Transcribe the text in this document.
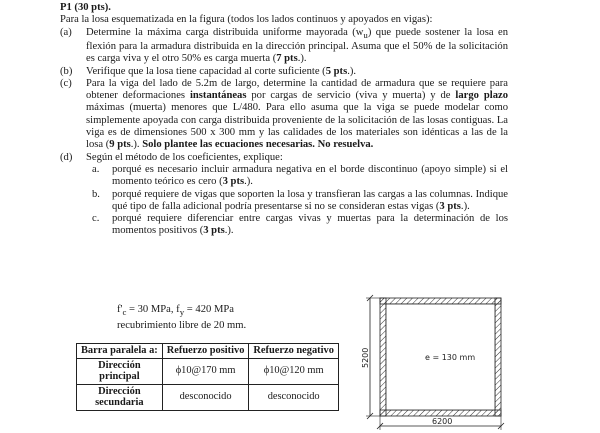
P1 (30 pts).

Para la losa esquematizada en la figura (todos los lados continuos y apoyados en vigas):

(a) Determine la máxima carga distribuida uniforme mayorada $(w_u)$ que puede sostener la losa en flexión para la armadura distribuida en la dirección principal. Asuma que el 50% de la solicitación es carga viva y el otro 50% es carga muerta (7 pts.).

(b) Verifique que la losa tiene capacidad al corte suficiente (5 pts.).

(c) Para la viga del lado de 5.2m de largo, determine la cantidad de armadura que se requiere para obtener deformaciones instantáneas por cargas de servicio (viva y muerta) y de largo plazo máximas (muerta) menores que L/480. Para ello asuma que la viga se puede modelar como simplemente apoyada con carga distribuida proveniente de la solicitación de las losas contiguas. La viga es de dimensiones 500 x 300 mm y las calidades de los materiales son idénticas a las de la losa (9 pts.). Solo plantee las ecuaciones necesarias. No resuelva.

(d) Según el método de los coeficientes, explique:

a. porqué es necesario incluir armadura negativa en el borde discontinuo (apoyo simple) si el momento teórico es cero (3 pts.).

b. porqué requiere de vigas que soporten la losa y transfieran las cargas a las columnas. Indique qué tipo de falla adicional podría presentarse si no se consideran estas vigas (3 pts.).

c. porqué requiere diferenciar entre cargas vivas y muertas para la determinación de los momentos positivos (3 pts.).

$f'_c = 30$ MPa, $f_y = 420$ MPa
recubrimiento libre de 20 mm.
Barra paralela a:	Refuerzo positivo	Refuerzo negativo
Dirección principal	ϕ10@170 mm	ϕ10@120 mm
Dirección secundaria	desconocido	desconocido
e = 130 mm
5200
6200
